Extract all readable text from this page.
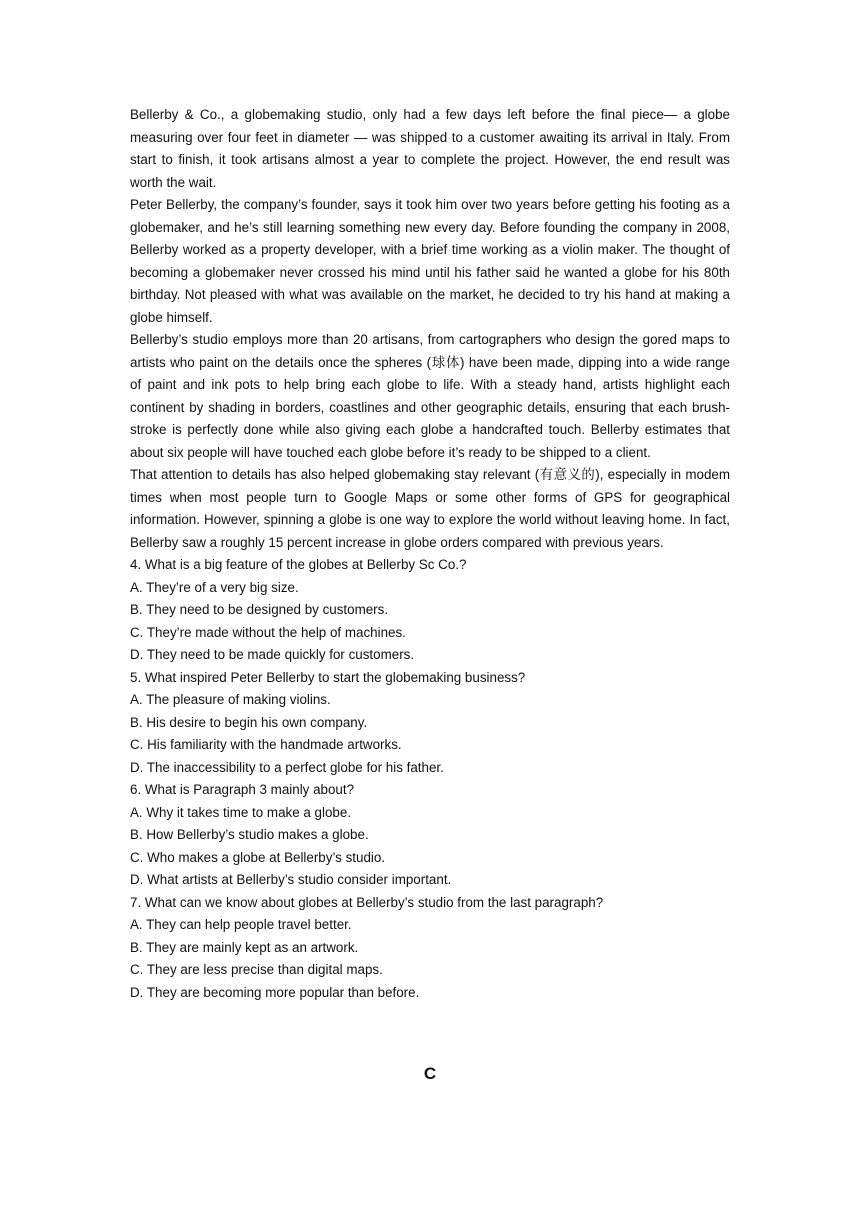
Bellerby & Co., a globemaking studio, only had a few days left before the final piece— a globe measuring over four feet in diameter — was shipped to a customer awaiting its arrival in Italy. From start to finish, it took artisans almost a year to complete the project. However, the end result was worth the wait.

Peter Bellerby, the company’s founder, says it took him over two years before getting his footing as a globemaker, and he’s still learning something new every day. Before founding the company in 2008, Bellerby worked as a property developer, with a brief time working as a violin maker. The thought of becoming a globemaker never crossed his mind until his father said he wanted a globe for his 80th birthday. Not pleased with what was available on the market, he decided to try his hand at making a globe himself.

Bellerby’s studio employs more than 20 artisans, from cartographers who design the gored maps to artists who paint on the details once the spheres (球体) have been made, dipping into a wide range of paint and ink pots to help bring each globe to life. With a steady hand, artists highlight each continent by shading in borders, coastlines and other geographic details, ensuring that each brush-stroke is perfectly done while also giving each globe a handcrafted touch. Bellerby estimates that about six people will have touched each globe before it’s ready to be shipped to a client.

That attention to details has also helped globemaking stay relevant (有意义的), especially in modem times when most people turn to Google Maps or some other forms of GPS for geographical information. However, spinning a globe is one way to explore the world without leaving home. In fact, Bellerby saw a roughly 15 percent increase in globe orders compared with previous years.

4. What is a big feature of the globes at Bellerby Sc Co.?

A. They’re of a very big size.

B. They need to be designed by customers.

C. They’re made without the help of machines.

D. They need to be made quickly for customers.

5. What inspired Peter Bellerby to start the globemaking business?

A. The pleasure of making violins.

B. His desire to begin his own company.

C. His familiarity with the handmade artworks.

D. The inaccessibility to a perfect globe for his father.

6. What is Paragraph 3 mainly about?

A. Why it takes time to make a globe.

B. How Bellerby’s studio makes a globe.

C. Who makes a globe at Bellerby’s studio.

D. What artists at Bellerby’s studio consider important.

7. What can we know about globes at Bellerby’s studio from the last paragraph?

A. They can help people travel better.

B. They are mainly kept as an artwork.

C. They are less precise than digital maps.

D. They are becoming more popular than before.

C
